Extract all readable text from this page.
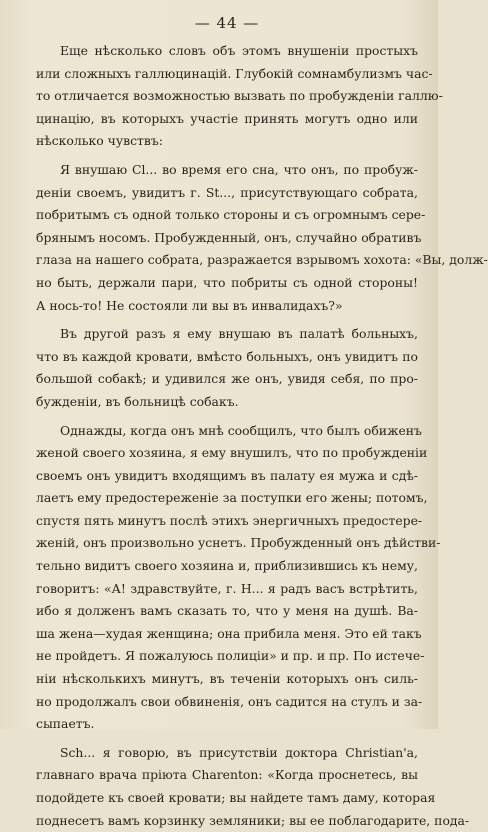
— 44 —
Еще нѣсколько словъ объ этомъ внушеніи простыхъ
или сложныхъ галлюцинацій. Глубокій сомнамбулизмъ час-
то отличается возможностью вызвать по пробужденіи галлю-
цинацію, въ которыхъ участіе принять могутъ одно или
нѣсколько чувствъ:
Я внушаю Cl... во время его сна, что онъ, по пробуж-
деніи своемъ, увидитъ г. St..., присутствующаго собрата,
побритымъ съ одной только стороны и съ огромнымъ сере-
брянымъ носомъ. Пробужденный, онъ, случайно обративъ
глаза на нашего собрата, разражается взрывомъ хохота: «Вы, долж-
но быть, держали пари, что побриты съ одной стороны!
А нось-то! Не состояли ли вы въ инвалидахъ?»
Въ другой разъ я ему внушаю въ палатѣ больныхъ,
что въ каждой кровати, вмѣсто больныхъ, онъ увидитъ по
большой собакѣ; и удивился же онъ, увидя себя, по про-
бужденіи, въ больницѣ собакъ.
Однажды, когда онъ мнѣ сообщилъ, что былъ обиженъ
женой своего хозяина, я ему внушилъ, что по пробужденіи
своемъ онъ увидитъ входящимъ въ палату ея мужа и сдѣ-
лаетъ ему предостереженіе за поступки его жены; потомъ,
спустя пять минутъ послѣ этихъ энергичныхъ предостере-
женій, онъ произвольно уснетъ. Пробужденный онъ дѣйстви-
тельно видитъ своего хозяина и, приблизившись къ нему,
говоритъ: «А! здравствуйте, г. Н... я радъ васъ встрѣтить,
ибо я долженъ вамъ сказать то, что у меня на душѣ. Ва-
ша жена—худая женщина; она прибила меня. Это ей такъ
не пройдетъ. Я пожалуюсь полиціи» и пр. и пр. По истече-
ніи нѣсколькихъ минутъ, въ теченіи которыхъ онъ силь-
но продолжалъ свои обвиненія, онъ садится на стулъ и за-
сыпаетъ.
Sch... я говорю, въ присутствіи доктора Christian'а,
главнаго врача пріюта Charenton: «Когда проснетесь, вы
подойдете къ своей кровати; вы найдете тамъ даму, которая
поднесетъ вамъ корзинку земляники; вы ее поблагодарите, пода-
